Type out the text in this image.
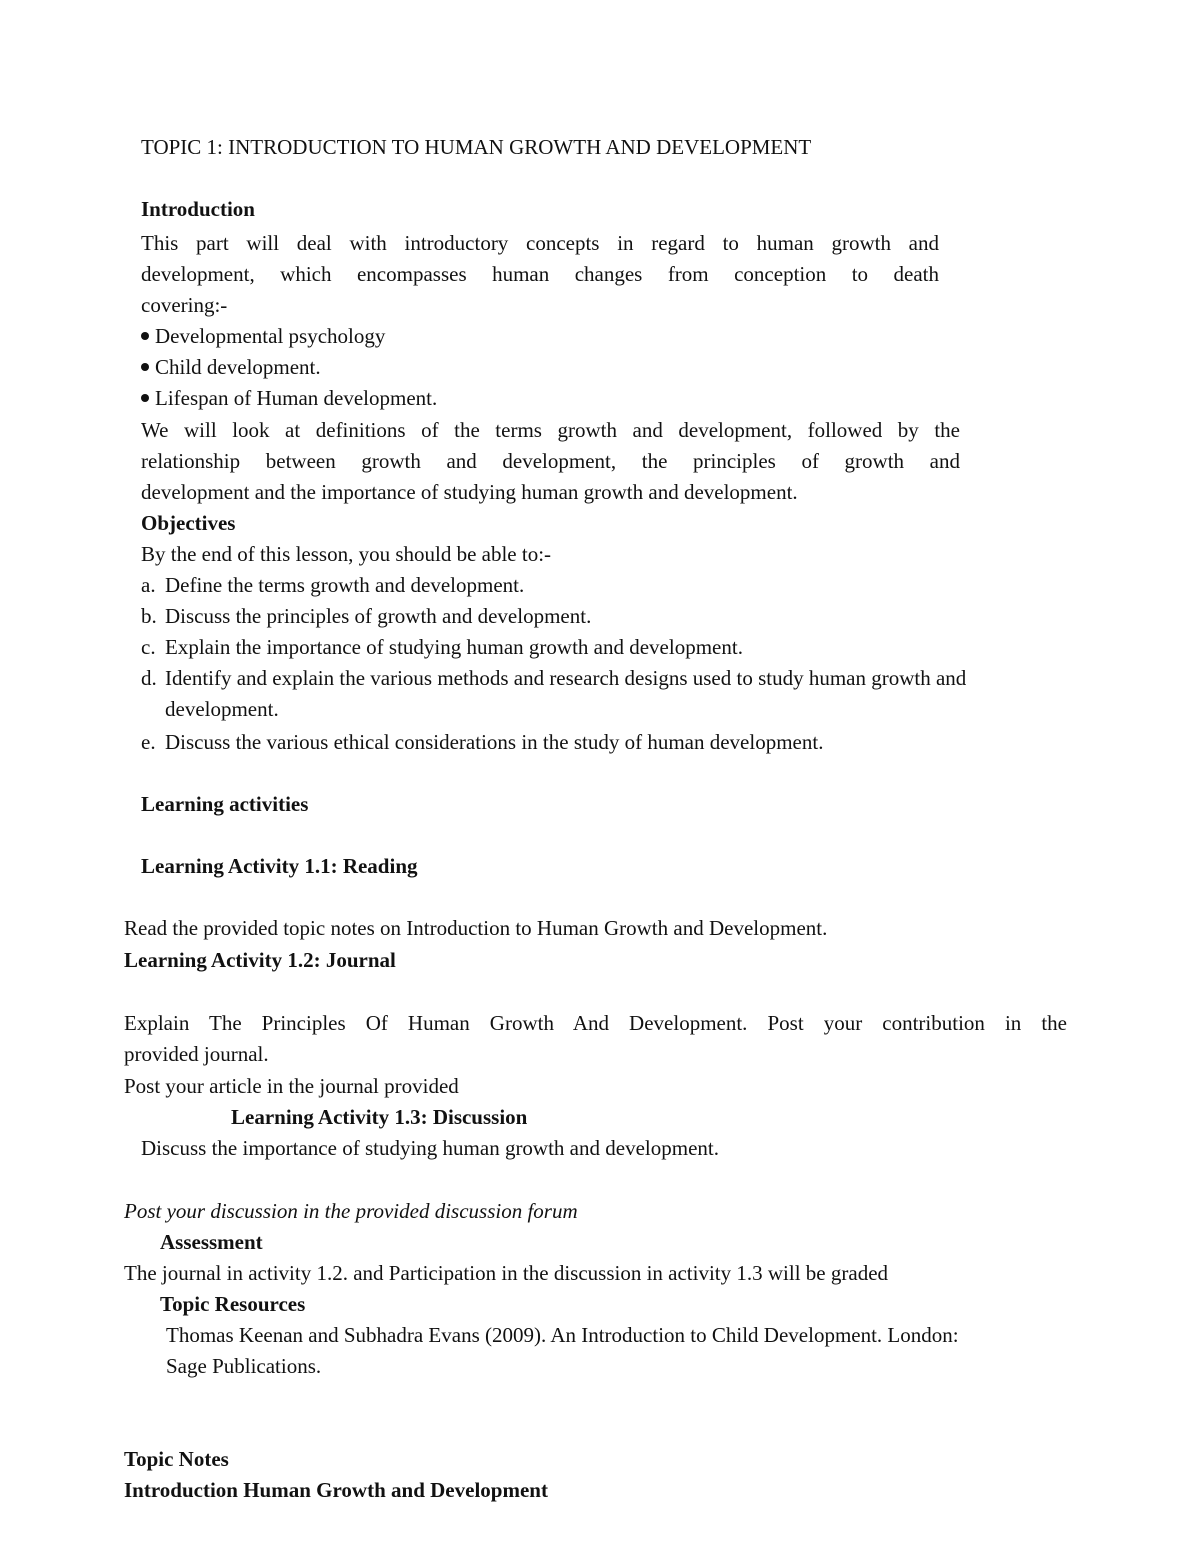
TOPIC 1: INTRODUCTION TO HUMAN GROWTH AND DEVELOPMENT
Introduction
This part will deal with introductory concepts in regard to human growth and
development, which encompasses human changes from conception to death
covering:-
Developmental psychology
Child development.
Lifespan of Human development.
We will look at definitions of the terms growth and development, followed by the
relationship between growth and development, the principles of growth and
development and the importance of studying human growth and development.
Objectives
By the end of this lesson, you should be able to:-
a. Define the terms growth and development.
b. Discuss the principles of growth and development.
c. Explain the importance of studying human growth and development.
d. Identify and explain the various methods and research designs used to study human growth and
development.
e. Discuss the various ethical considerations in the study of human development.
Learning activities
Learning Activity 1.1: Reading
Read the provided topic notes on Introduction to Human Growth and Development.
Learning Activity 1.2: Journal
Explain The Principles Of Human Growth And Development. Post your contribution in the
provided journal.
Post your article in the journal provided
Learning Activity 1.3: Discussion
Discuss the importance of studying human growth and development.
Post your discussion in the provided discussion forum
Assessment
The journal in activity 1.2. and Participation in the discussion in activity 1.3 will be graded
Topic Resources
Thomas Keenan and Subhadra Evans (2009). An Introduction to Child Development. London:
Sage Publications.
Topic Notes
Introduction Human Growth and Development
